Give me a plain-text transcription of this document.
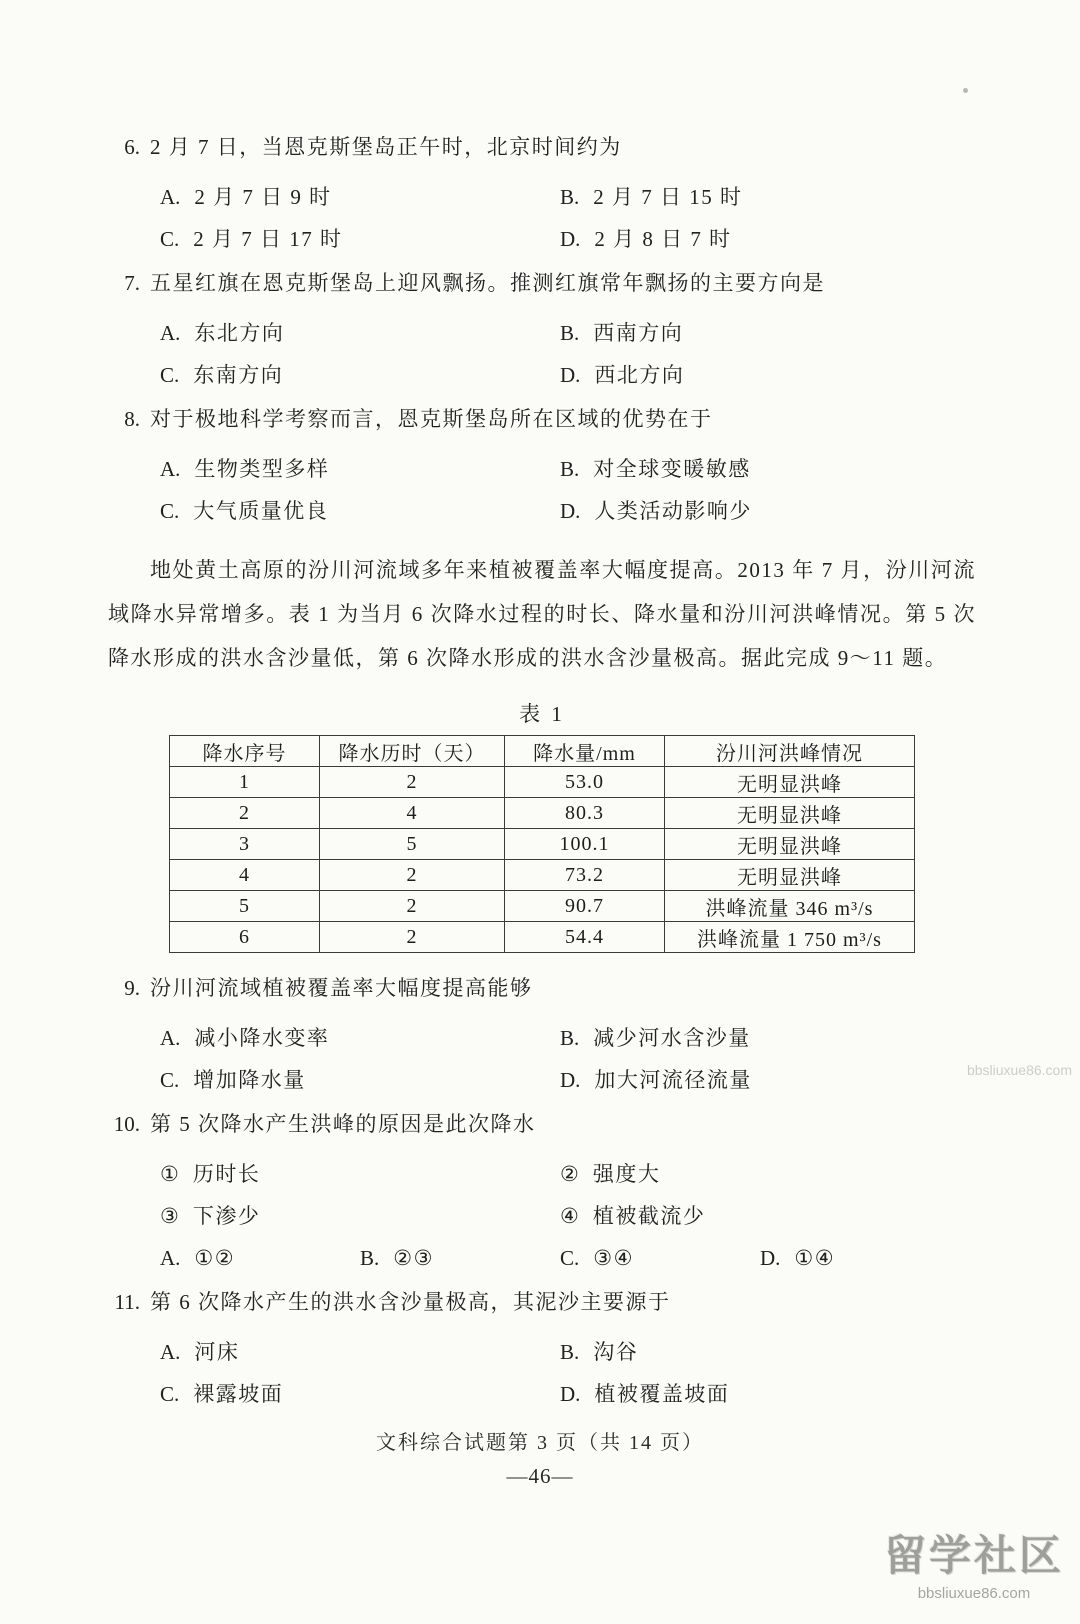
6. 2 月 7 日，当恩克斯堡岛正午时，北京时间约为
A. 2 月 7 日 9 时	B. 2 月 7 日 15 时
C. 2 月 7 日 17 时	D. 2 月 8 日 7 时
7. 五星红旗在恩克斯堡岛上迎风飘扬。推测红旗常年飘扬的主要方向是
A. 东北方向	B. 西南方向
C. 东南方向	D. 西北方向
8. 对于极地科学考察而言，恩克斯堡岛所在区域的优势在于
A. 生物类型多样	B. 对全球变暖敏感
C. 大气质量优良	D. 人类活动影响少

地处黄土高原的汾川河流域多年来植被覆盖率大幅度提高。2013 年 7 月，汾川河流域降水异常增多。表 1 为当月 6 次降水过程的时长、降水量和汾川河洪峰情况。第 5 次降水形成的洪水含沙量低，第 6 次降水形成的洪水含沙量极高。据此完成 9～11 题。

表 1
降水序号	降水历时（天）	降水量/mm	汾川河洪峰情况
1	2	53.0	无明显洪峰
2	4	80.3	无明显洪峰
3	5	100.1	无明显洪峰
4	2	73.2	无明显洪峰
5	2	90.7	洪峰流量 346 m³/s
6	2	54.4	洪峰流量 1 750 m³/s
9. 汾川河流域植被覆盖率大幅度提高能够
A. 减小降水变率	B. 减少河水含沙量
C. 增加降水量	D. 加大河流径流量
10. 第 5 次降水产生洪峰的原因是此次降水
① 历时长	② 强度大
③ 下渗少	④ 植被截流少
A. ①②	B. ②③	C. ③④	D. ①④
11. 第 6 次降水产生的洪水含沙量极高，其泥沙主要源于
A. 河床	B. 沟谷
C. 裸露坡面	D. 植被覆盖坡面
文科综合试题第 3 页（共 14 页）
—46—
bbsliuxue86.com
留学社区
bbsliuxue86.com
